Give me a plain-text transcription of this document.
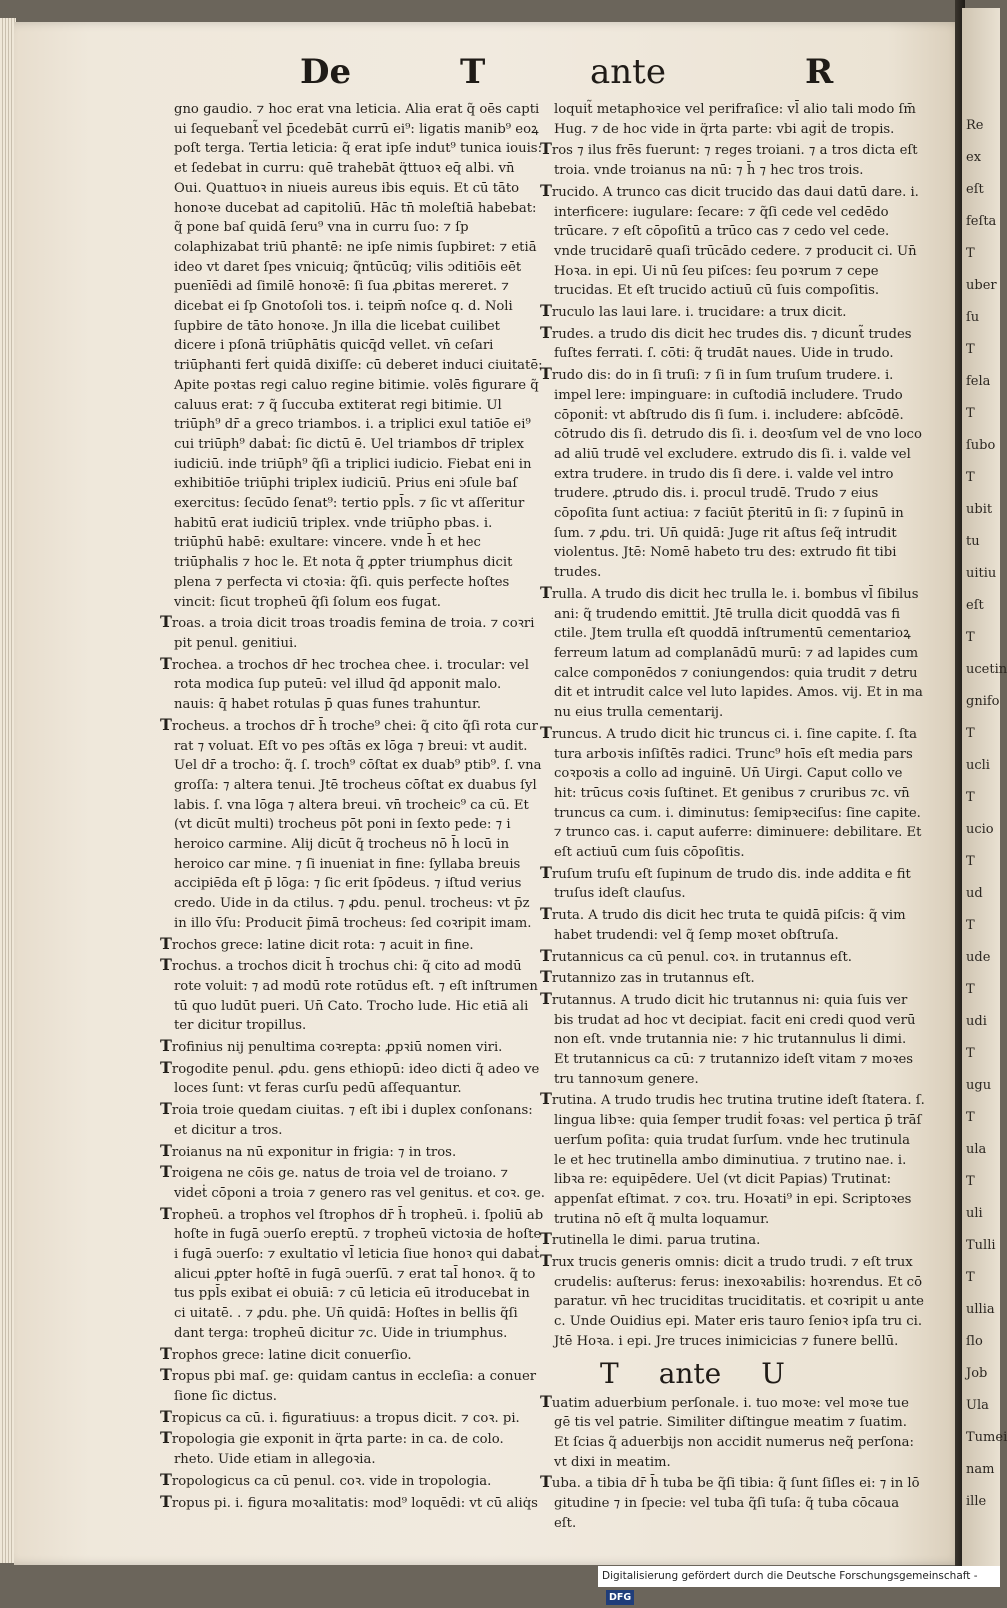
Re
ex
eſt
feſta
T
uber
ſu
T
fela
T
ſubo
T
ubit
tu
uitiu
eſt
T
ucetin
gnifo
T
ucli
T
ucio
T
ud
T
ude
T
udi
T
ugu
T
ula
T
uli
Tulli
T
ullia
ſlo
Job
Ula
Tumei
nam
ille
De	T	ante	R

gno gaudio. ⁊ hoc erat vna leticia. Alia erat q̃ oēs capti ui ſequebant̃ vel p̄cedebāt currū ei⁹: ligatis manib⁹ eoꝝ poſt terga. Tertia leticia: q̃ erat ipſe indut⁹ tunica iouis: et ſedebat in curru: quē trahebāt q̈ttuoꝛ eq̄ albi. vn̄ Oui. Quattuoꝛ in niueis aureus ibis equis. Et cū tāto honoꝛe ducebat ad capitoliū. Hāc tn̄ moleſtiā habebat: q̃ pone baſ quidā ſeru⁹ vna in curru ſuo: ⁊ ſp colaphizabat triū phantē: ne ipſe nimis ſupbiret: ⁊ etiā ideo vt daret ſpes vnicuiq; q̃ntūcūq; vilis ↄditiōis eēt puenīēdi ad ſimilē honoꝛē: ſi ſua ꝓbitas mereret. ⁊ dicebat ei ſp Gnotoſoli tos. i. teipm̄ noſce q. d. Noli ſupbire de tāto honoꝛe. Jn illa die licebat cuilibet dicere i pſonā triūphātis quicq̄d vellet. vn̄ ceſari triūphanti ferṫ quidā dixiſſe: cū deberet induci ciuitatē: Apite poꝛtas regi caluo regine bitimie. volēs figurare q̃ caluus erat: ⁊ q̃ ſuccuba extiterat regi bitimie. Ul triūph⁹ dr̄ a greco triambos. i. a triplici exul tatiōe ei⁹ cui triūph⁹ dabaṫ: ſic dictū ē. Uel triambos dr̄ triplex iudiciū. inde triūph⁹ q̃ſi a triplici iudicio. Fiebat eni in exhibitiōe triūphi triplex iudiciū. Prius eni ↄſule baſ exercitus: ſecūdo ſenat⁹: tertio ppl̄s. ⁊ ſic vt aſſeritur habitū erat iudiciū triplex. vnde triūpho pbas. i. triūphū habē: exultare: vincere. vnde h̄ et hec triūphalis ⁊ hoc le. Et nota q̃ ꝓpter triumphus dicit plena ⁊ perfecta vi ctoꝛia: q̃ſi. quis perfecte hoſtes vincit: ſicut tropheū q̃ſi ſolum eos fugat.

Troas. a troia dicit troas troadis femina de troia. ⁊ coꝛri pit penul. genitiui.

Trochea. a trochos dr̄ hec trochea chee. i. trocular: vel rota modica ſup puteū: vel illud q̄d apponit malo. nauis: q̄ habet rotulas p̄ quas funes trahuntur.

Trocheus. a trochos dr̄ h̄ troche⁹ chei: q̃ cito q̃ſi rota cur rat ⁊ voluat. Eſt vo pes ↄſtās ex lōga ⁊ breui: vt audit. Uel dr̄ a trocho: q̃. ſ. troch⁹ cōſtat ex duab⁹ ptib⁹. ſ. vna groſſa: ⁊ altera tenui. Jtē trocheus cōſtat ex duabus ſyl labis. ſ. vna lōga ⁊ altera breui. vn̄ trocheic⁹ ca cū. Et (vt dicūt multi) trocheus pōt poni in ſexto pede: ⁊ i heroico carmine. Alij dicūt q̃ trocheus nō h̄ locū in heroico car mine. ⁊ ſi inueniat in fine: ſyllaba breuis accipiēda eſt p̄ lōga: ⁊ ſic erit ſpōdeus. ⁊ iſtud verius credo. Uide in da ctilus. ⁊ ꝓdu. penul. trocheus: vt p̄z in illo v̄ſu: Producit p̄imā trocheus: ſed coꝛripit imam.

Trochos grece: latine dicit rota: ⁊ acuit in fine.

Trochus. a trochos dicit h̄ trochus chi: q̃ cito ad modū rote voluit: ⁊ ad modū rote rotūdus eſt. ⁊ eſt inſtrumen tū quo ludūt pueri. Un̄ Cato. Trocho lude. Hic etiā ali ter dicitur tropillus.

Trofinius nij penultima coꝛrepta: ꝓpꝛiū nomen viri.

Trogodite penul. ꝓdu. gens ethiopū: ideo dicti q̃ adeo ve loces ſunt: vt feras curſu pedū aſſequantur.

Troia troie quedam ciuitas. ⁊ eſt ibi i duplex conſonans: et dicitur a tros.

Troianus na nū exponitur in frigia: ⁊ in tros.

Troigena ne cōis ge. natus de troia vel de troiano. ⁊ videṫ cōponi a troia ⁊ genero ras vel genitus. et coꝛ. ge.

Tropheū. a trophos vel ſtrophos dr̄ h̄ tropheū. i. ſpoliū ab hoſte in fugā ↄuerſo ereptū. ⁊ tropheū victoꝛia de hoſte i fugā ↄuerſo: ⁊ exultatio vl̄ leticia ſiue honoꝛ qui dabaṫ alicui ꝓpter hoſtē in fugā ↄuerſū. ⁊ erat tal̄ honoꝛ. q̃ to tus ppl̄s exibat ei obuiā: ⁊ cū leticia eū itroducebat in ci uitatē. . ⁊ ꝓdu. phe. Un̄ quidā: Hoſtes in bellis q̃ſi dant terga: tropheū dicitur ⁊c. Uide in triumphus.

Trophos grece: latine dicit conuerſio.

Tropus pbi maſ. ge: quidam cantus in eccleſia: a conuer ſione ſic dictus.

Tropicus ca cū. i. figuratiuus: a tropus dicit. ⁊ coꝛ. pi.

Tropologia gie exponit in q̈rta parte: in ca. de colo. rheto. Uide etiam in allegoꝛia.

Tropologicus ca cū penul. coꝛ. vide in tropologia.

Tropus pi. i. figura moꝛalitatis: mod⁹ loquēdi: vt cū aliq̇s

loquit̃ metaphoꝛice vel perifraſice: vl̄ alio tali modo ſm̄ Hug. ⁊ de hoc vide in q̈rta parte: vbi agiṫ de tropis.

Tros ⁊ ilus frēs fuerunt: ⁊ reges troiani. ⁊ a tros dicta eſt troia. vnde troianus na nū: ⁊ h̄ ⁊ hec tros trois.

Trucido. A trunco cas dicit trucido das daui datū dare. i. interficere: iugulare: ſecare: ⁊ q̃ſi cede vel cedēdo trūcare. ⁊ eſt cōpoſitū a trūco cas ⁊ cedo vel cede. vnde trucidarē quaſi trūcādo cedere. ⁊ producit ci. Un̄ Hoꝛa. in epi. Ui nū ſeu piſces: ſeu poꝛrum ⁊ cepe trucidas. Et eſt trucido actiuū cū ſuis compoſitis.

Truculo las laui lare. i. trucidare: a trux dicit.

Trudes. a trudo dis dicit hec trudes dis. ⁊ dicunt̃ trudes fuſtes ferrati. ſ. cōti: q̃ trudāt naues. Uide in trudo.

Trudo dis: do in ſi truſi: ⁊ ſi in ſum truſum trudere. i. impel lere: impinguare: in cuſtodiā includere. Trudo cōponiṫ: vt abſtrudo dis ſi ſum. i. includere: abſcōdē. cōtrudo dis ſi. detrudo dis ſi. i. deoꝛſum vel de vno loco ad aliū trudē vel excludere. extrudo dis ſi. i. valde vel extra trudere. in trudo dis ſi dere. i. valde vel intro trudere. ꝓtrudo dis. i. procul trudē. Trudo ⁊ eius cōpoſita ſunt actiua: ⁊ faciūt p̄teritū in ſi: ⁊ ſupinū in ſum. ⁊ ꝓdu. tri. Un̄ quidā: Juge rit aſtus ſeq̃ intrudit violentus. Jtē: Nomē habeto tru des: extrudo fit tibi trudes.

Trulla. A trudo dis dicit hec trulla le. i. bombus vl̄ ſibilus ani: q̃ trudendo emittiṫ. Jtē trulla dicit quoddā vas fi ctile. Jtem trulla eſt quoddā inſtrumentū cementarioꝝ ferreum latum ad complanādū murū: ⁊ ad lapides cum calce componēdos ⁊ coniungendos: quia trudit ⁊ detru dit et intrudit calce vel luto lapides. Amos. vij. Et in ma nu eius trulla cementarij.

Truncus. A trudo dicit hic truncus ci. i. ſine capite. ſ. ſta tura arboꝛis inſiſtēs radici. Trunc⁹ hoīs eſt media pars coꝛpoꝛis a collo ad inguinē. Un̄ Uirgi. Caput collo ve hit: trūcus coꝛis ſuſtinet. Et genibus ⁊ cruribus ⁊c. vn̄ truncus ca cum. i. diminutus: ſemipꝛeciſus: ſine capite. ⁊ trunco cas. i. caput auferre: diminuere: debilitare. Et eſt actiuū cum ſuis cōpoſitis.

Truſum truſu eſt ſupinum de trudo dis. inde addita e fit truſus ideſt clauſus.

Truta. A trudo dis dicit hec truta te quidā piſcis: q̃ vim habet trudendi: vel q̃ ſemp moꝛet obſtruſa.

Trutannicus ca cū penul. coꝛ. in trutannus eſt.

Trutannizo zas in trutannus eſt.

Trutannus. A trudo dicit hic trutannus ni: quia ſuis ver bis trudat ad hoc vt decipiat. facit eni credi quod verū non eſt. vnde trutannia nie: ⁊ hic trutannulus li dimi. Et trutannicus ca cū: ⁊ trutannizo ideſt vitam ⁊ moꝛes tru tannoꝛum genere.

Trutina. A trudo trudis hec trutina trutine ideſt ſtatera. ſ. lingua libꝛe: quia ſemper trudiṫ foꝛas: vel pertica p̄ trāſ uerſum poſita: quia trudat ſurſum. vnde hec trutinula le et hec trutinella ambo diminutiua. ⁊ trutino nae. i. libꝛa re: equipēdere. Uel (vt dicit Papias) Trutinat: appenſat eſtimat. ⁊ coꝛ. tru. Hoꝛati⁹ in epi. Scriptoꝛes trutina nō eſt q̃ multa loquamur.

Trutinella le dimi. parua trutina.

Trux trucis generis omnis: dicit a trudo trudi. ⁊ eſt trux crudelis: auſterus: ferus: inexoꝛabilis: hoꝛrendus. Et cō paratur. vn̄ hec truciditas truciditatis. et coꝛripit u ante c. Unde Ouidius epi. Mater eris tauro ſenioꝛ ipſa tru ci. Jtē Hoꝛa. i epi. Jre truces inimicicias ⁊ funere bellū.

T ante U

Tuatim aduerbium perſonale. i. tuo moꝛe: vel moꝛe tue gē tis vel patrie. Similiter diſtingue meatim ⁊ ſuatim. Et ſcias q̃ aduerbijs non accidit numerus neq̃ perſona: vt dixi in meatim.

Tuba. a tibia dr̄ h̄ tuba be q̃ſi tibia: q̃ ſunt ſiſles ei: ⁊ in lō gitudine ⁊ in ſpecie: vel tuba q̃ſi tuſa: q̃ tuba cōcaua eſt.

Digitalisierung gefördert durch die Deutsche Forschungsgemeinschaft - DFG
